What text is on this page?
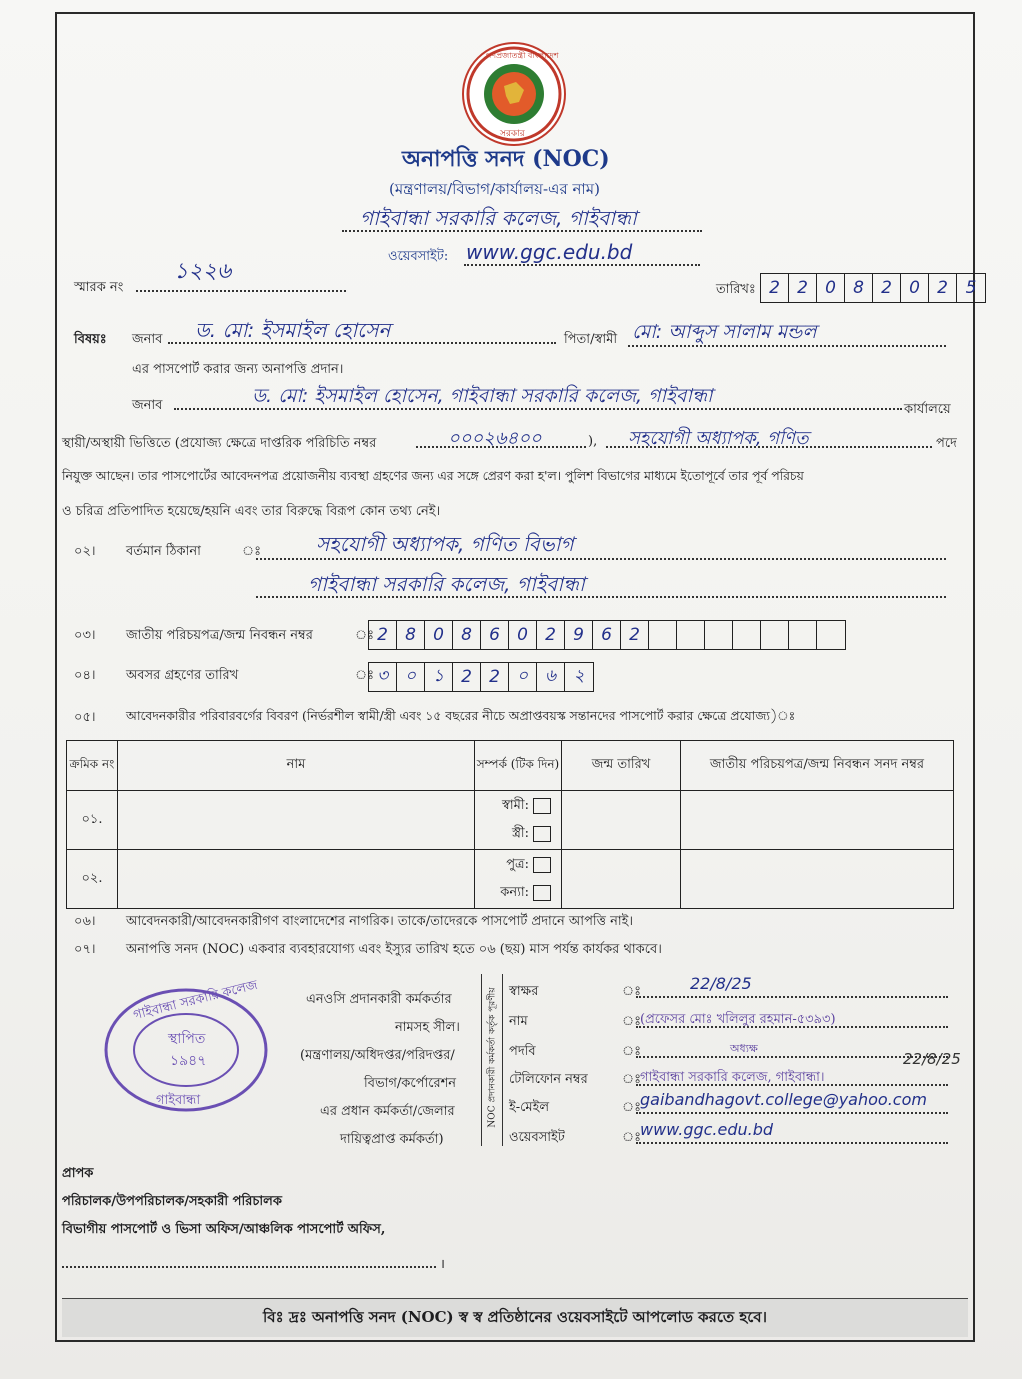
গণপ্রজাতন্ত্রী বাংলাদেশ
সরকার
অনাপত্তি সনদ (NOC)
(মন্ত্রণালয়/বিভাগ/কার্যালয়-এর নাম)
গাইবান্ধা সরকারি কলেজ, গাইবান্ধা
ওয়েবসাইট: www.ggc.edu.bd
স্মারক নং
১২২৬
তারিখঃ 2	2	0	8	2	0	2	5
বিষয়ঃ জনাব ড. মো: ইসমাইল হোসেন	পিতা/স্বামী মো: আব্দুস সালাম মন্ডল
এর পাসপোর্ট করার জন্য অনাপত্তি প্রদান।
জনাব	ড. মো: ইসমাইল হোসেন, গাইবান্ধা সরকারি কলেজ, গাইবান্ধা
কার্যালয়ে
স্থায়ী/অস্থায়ী ভিত্তিতে (প্রযোজ্য ক্ষেত্রে দাপ্তরিক পরিচিতি নম্বর	০০০২৬৪০০	), সহযোগী অধ্যাপক, গণিত	পদে
নিযুক্ত আছেন। তার পাসপোর্টের আবেদনপত্র প্রয়োজনীয় ব্যবস্থা গ্রহণের জন্য এর সঙ্গে প্রেরণ করা হ'ল। পুলিশ বিভাগের মাধ্যমে ইতোপূর্বে তার পূর্ব পরিচয়
ও চরিত্র প্রতিপাদিত হয়েছে/হয়নি এবং তার বিরুদ্ধে বিরূপ কোন তথ্য নেই।
০২। বর্তমান ঠিকানা	ঃ	সহযোগী অধ্যাপক, গণিত বিভাগ
গাইবান্ধা সরকারি কলেজ, গাইবান্ধা
০৩। জাতীয় পরিচয়পত্র/জন্ম নিবন্ধন নম্বর	ঃ 2	8	0	8	6	0	2	9	6	2
০৪। অবসর গ্রহণের তারিখ	ঃ ৩ ০ ১	2	2	০ ৬	২
০৫। আবেদনকারীর পরিবারবর্গের বিবরণ (নির্ভরশীল স্বামী/স্ত্রী এবং ১৫ বছরের নীচে অপ্রাপ্তবয়স্ক সন্তানদের পাসপোর্ট করার ক্ষেত্রে প্রযোজ্য)ঃ
ক্রমিক নং	নাম	সম্পর্ক (টিক দিন)	জন্ম তারিখ	জাতীয় পরিচয়পত্র/জন্ম নিবন্ধন সনদ নম্বর
০১.		স্বামী:
স্ত্রী:		
০২.		পুত্র:
কন্যা:		
০৬। আবেদনকারী/আবেদনকারীগণ বাংলাদেশের নাগরিক। তাকে/তাদেরকে পাসপোর্ট প্রদানে আপত্তি নাই।
০৭। অনাপত্তি সনদ (NOC) একবার ব্যবহারযোগ্য এবং ইস্যুর তারিখ হতে ০৬ (ছয়) মাস পর্যন্ত কার্যকর থাকবে।
গাইবান্ধা সরকারি কলেজ
স্থাপিত
১৯৪৭
গাইবান্ধা
এনওসি প্রদানকারী কর্মকর্তার
নামসহ সীল।
(মন্ত্রণালয়/অধিদপ্তর/পরিদপ্তর/
বিভাগ/কর্পোরেশন
এর প্রধান কর্মকর্তা/জেলার
দায়িত্বপ্রাপ্ত কর্মকর্তা)
NOC প্রদানকারী কর্মকর্তা কর্তৃক পূরণীয় স্বাক্ষর	ঃ	22/8/25
নাম	ঃ
(প্রফেসর মোঃ খলিলুর রহমান-৫৩৯৩)
পদবি	ঃ	অধ্যক্ষ
টেলিফোন নম্বর	ঃ
গাইবান্ধা সরকারি কলেজ, গাইবান্ধা।
ই-মেইল	ঃ
gaibandhagovt.college@yahoo.com
ওয়েবসাইট	ঃ
www.ggc.edu.bd
22/8/25
প্রাপক
পরিচালক/উপপরিচালক/সহকারী পরিচালক
বিভাগীয় পাসপোর্ট ও ভিসা অফিস/আঞ্চলিক পাসপোর্ট অফিস,
।
বিঃ দ্রঃ অনাপত্তি সনদ (NOC) স্ব স্ব প্রতিষ্ঠানের ওয়েবসাইটে আপলোড করতে হবে।
